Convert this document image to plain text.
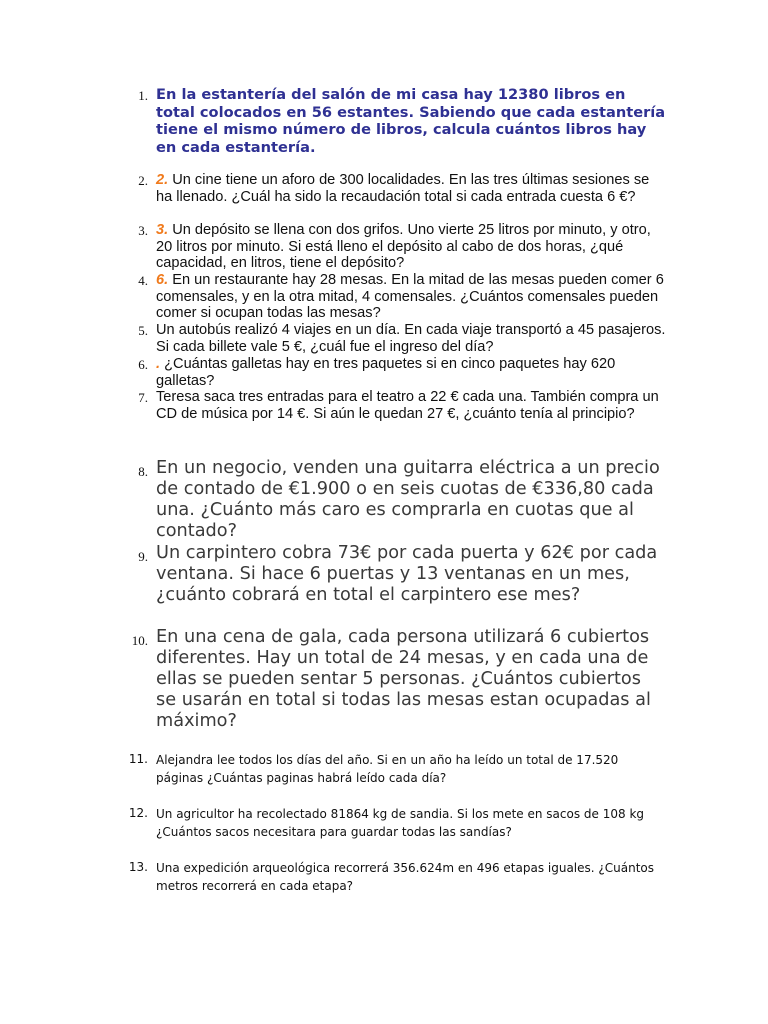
1. En la estantería del salón de mi casa hay 12380 libros en total colocados en 56 estantes. Sabiendo que cada estantería tiene el mismo número de libros, calcula cuántos libros hay en cada estantería.
2. 2. Un cine tiene un aforo de 300 localidades. En las tres últimas sesiones se ha llenado. ¿Cuál ha sido la recaudación total si cada entrada cuesta 6 €?
3. 3. Un depósito se llena con dos grifos. Uno vierte 25 litros por minuto, y otro, 20 litros por minuto. Si está lleno el depósito al cabo de dos horas, ¿qué capacidad, en litros, tiene el depósito?
4. 6. En un restaurante hay 28 mesas. En la mitad de las mesas pueden comer 6 comensales, y en la otra mitad, 4 comensales. ¿Cuántos comensales pueden comer si ocupan todas las mesas?
5. Un autobús realizó 4 viajes en un día. En cada viaje transportó a 45 pasajeros. Si cada billete vale 5 €, ¿cuál fue el ingreso del día?
6. . ¿Cuántas galletas hay en tres paquetes si en cinco paquetes hay 620 galletas?
7. Teresa saca tres entradas para el teatro a 22 € cada una. También compra un CD de música por 14 €. Si aún le quedan 27 €, ¿cuánto tenía al principio?
8. En un negocio, venden una guitarra eléctrica a un precio de contado de €1.900 o en seis cuotas de €336,80 cada una. ¿Cuánto más caro es comprarla en cuotas que al contado?
9. Un carpintero cobra 73€ por cada puerta y 62€ por cada ventana. Si hace 6 puertas y 13 ventanas en un mes, ¿cuánto cobrará en total el carpintero ese mes?
10. En una cena de gala, cada persona utilizará 6 cubiertos diferentes. Hay un total de 24 mesas, y en cada una de ellas se pueden sentar 5 personas. ¿Cuántos cubiertos se usarán en total si todas las mesas estan ocupadas al máximo?
11. Alejandra lee todos los días del año. Si en un año ha leído un total de 17.520 páginas ¿Cuántas paginas habrá leído cada día?
12. Un agricultor ha recolectado 81864 kg de sandia. Si los mete en sacos de 108 kg ¿Cuántos sacos necesitara para guardar todas las sandías?
13. Una expedición arqueológica recorrerá 356.624m en 496 etapas iguales. ¿Cuántos metros recorrerá en cada etapa?
